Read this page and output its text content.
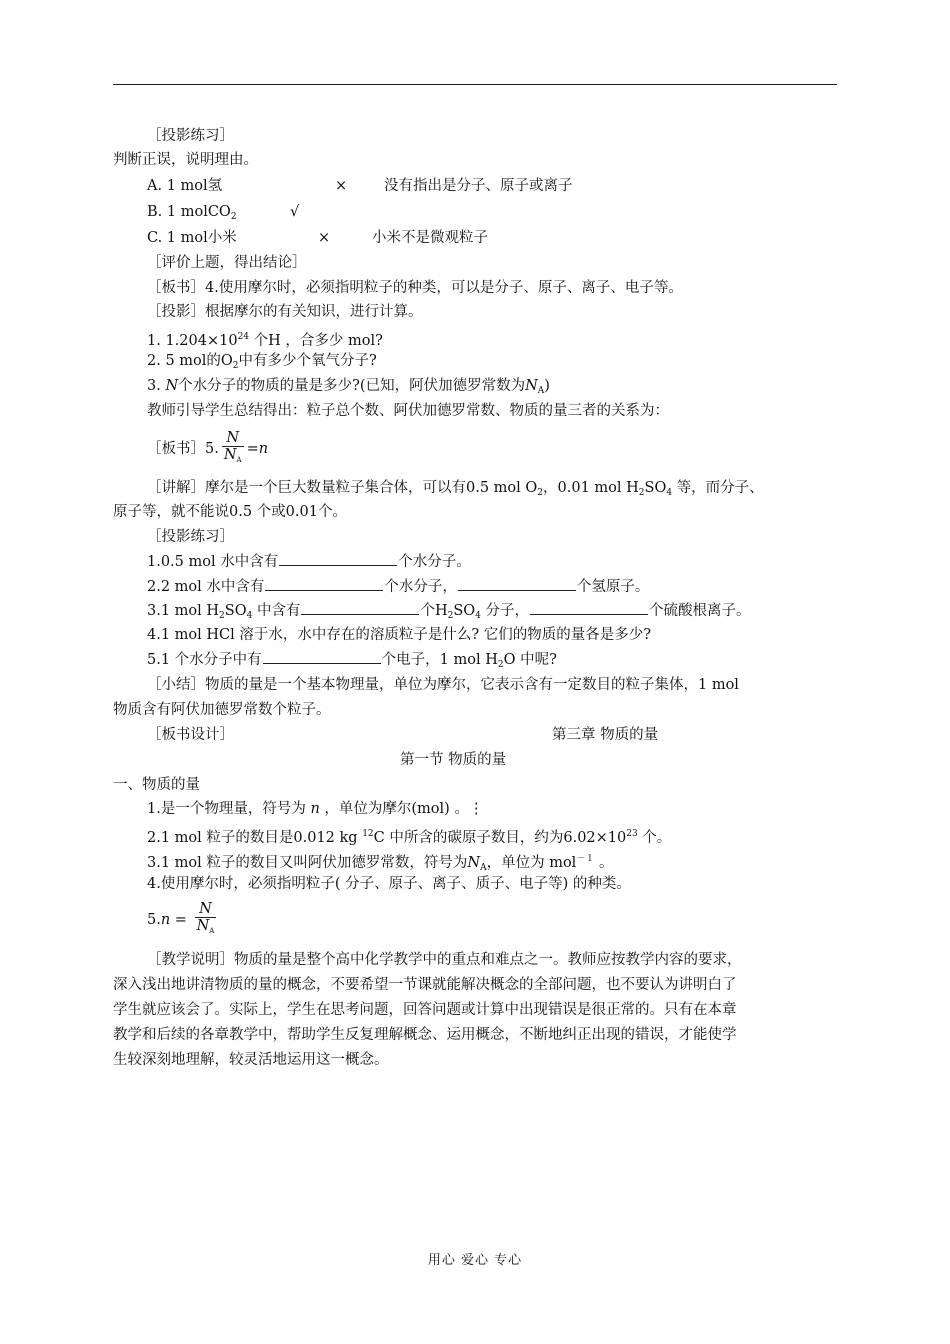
［投影练习］
判断正误，说明理由。
A. 1 mol氢	×	没有指出是分子、原子或离子
B. 1 molCO$_2$	√
C. 1 mol小米	×	小米不是微观粒子
［评价上题，得出结论］
［板书］4.使用摩尔时，必须指明粒子的种类，可以是分子、原子、离子、电子等。
［投影］根据摩尔的有关知识，进行计算。
1. $1.204\times 10^{24}$ 个H ，合多少 mol?
2. 5 mol的$O_2$中有多少个氧气分子?
3. N个水分子的物质的量是多少?(已知，阿伏加德罗常数为$N_A$)
教师引导学生总结得出：粒子总个数、阿伏加德罗常数、物质的量三者的关系为：
［板书］5. $\frac{N}{N_A} =n$
［讲解］摩尔是一个巨大数量粒子集合体，可以有0.5 mol $O_2$，0.01 mol $H_2SO_4$ 等，而分子、
原子等，就不能说0.5 个或0.01个。
［投影练习］
1.0.5 mol 水中含有	个水分子。
2.2 mol 水中含有	个水分子，	个氢原子。
3.1 mol $H_2SO_4$ 中含有	个$H_2SO_4$ 分子，	个硫酸根离子。
4.1 mol HCl 溶于水，水中存在的溶质粒子是什么? 它们的物质的量各是多少?
5.1 个水分子中有	个电子，1 mol $H_2O$ 中呢?
［小结］物质的量是一个基本物理量，单位为摩尔，它表示含有一定数目的粒子集体，1 mol
物质含有阿伏加德罗常数个粒子。
［板书设计］	第三章 物质的量
第一节 物质的量
一、物质的量
1.是一个物理量，符号为 n ，单位为摩尔(mol) 。⋮
2.1 mol 粒子的数目是0.012 kg $^{12}$C 中所含的碳原子数目，约为$6.02\times 10^{23}$ 个。
3.1 mol 粒子的数目又叫阿伏加德罗常数，符号为$N_A$，单位为 mol$^{-1}$ 。
4.使用摩尔时，必须指明粒子( 分子、原子、离子、质子、电子等) 的种类。
$5.n = \frac{N}{N_A}$
［教学说明］物质的量是整个高中化学教学中的重点和难点之一。教师应按教学内容的要求，
深入浅出地讲清物质的量的概念，不要希望一节课就能解决概念的全部问题，也不要认为讲明白了
学生就应该会了。实际上，学生在思考问题，回答问题或计算中出现错误是很正常的。只有在本章
教学和后续的各章教学中，帮助学生反复理解概念、运用概念，不断地纠正出现的错误，才能使学
生较深刻地理解，较灵活地运用这一概念。
用心 爱心 专心
